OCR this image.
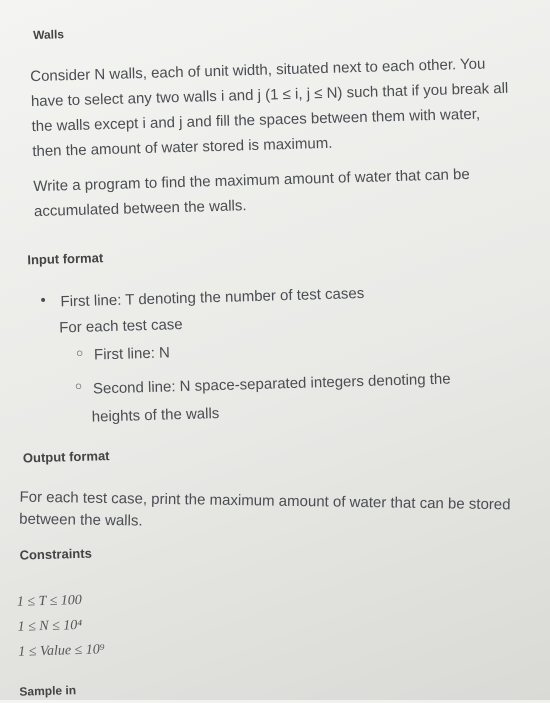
Walls
Consider N walls, each of unit width, situated next to each other. You have to select any two walls i and j (1 ≤ i, j ≤ N) such that if you break all the walls except i and j and fill the spaces between them with water, then the amount of water stored is maximum.
Write a program to find the maximum amount of water that can be accumulated between the walls.
Input format
• First line: T denoting the number of test cases
For each test case
○ First line: N
○ Second line: N space-separated integers denoting the
heights of the walls
Output format
For each test case, print the maximum amount of water that can be stored between the walls.
Constraints
1 ≤ T ≤ 100
1 ≤ N ≤ 10⁴
1 ≤ Value ≤ 10⁹
Sample in
